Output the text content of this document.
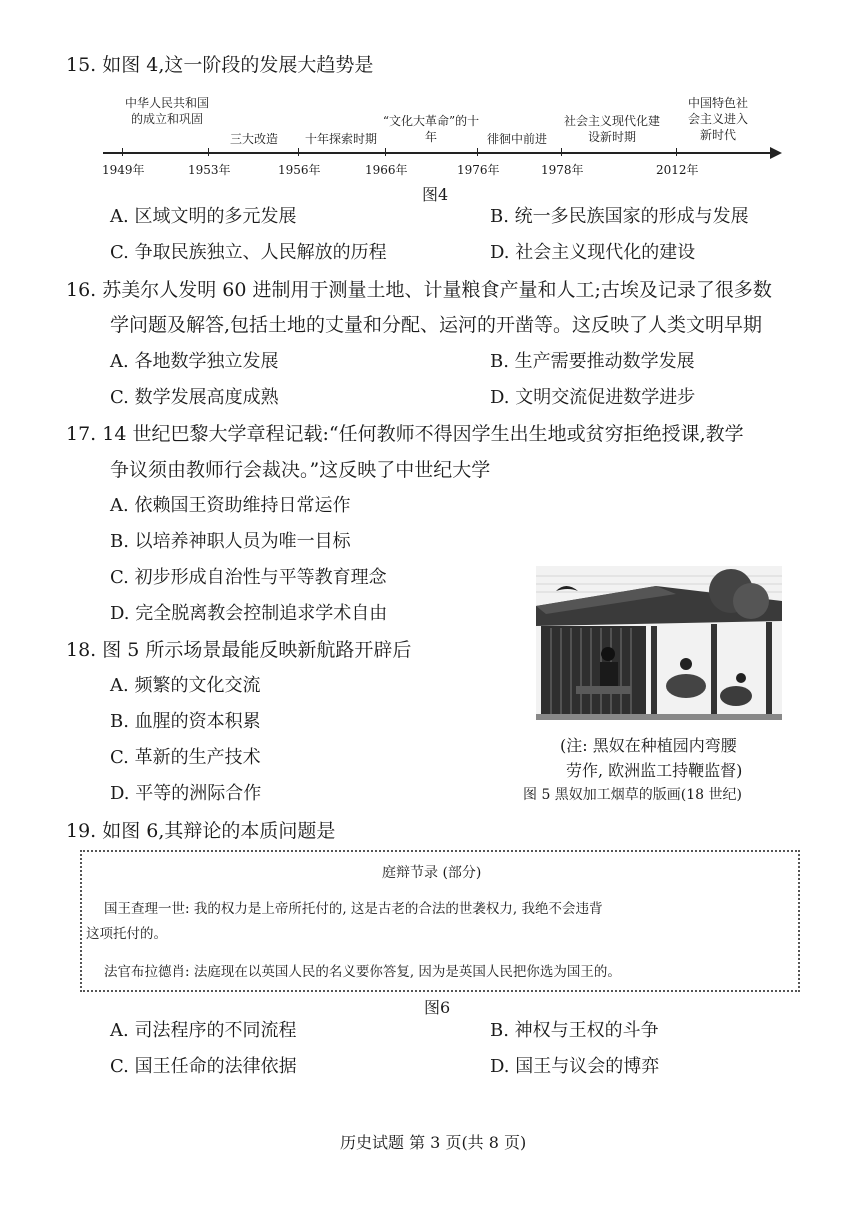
15. 如图 4,这一阶段的发展大趋势是
中华人民共和国的成立和巩固
三大改造	十年探索时期
“文化大革命”的十年	徘徊中前进
社会主义现代化建设新时期
中国特色社会主义进入新时代
1949年	1953年	1956年	1966年	1976年	1978年	2012年
图4
A. 区域文明的多元发展	B. 统一多民族国家的形成与发展
C. 争取民族独立、人民解放的历程	D. 社会主义现代化的建设
16. 苏美尔人发明 60 进制用于测量土地、计量粮食产量和人工;古埃及记录了很多数
学问题及解答,包括土地的丈量和分配、运河的开凿等。这反映了人类文明早期
A. 各地数学独立发展	B. 生产需要推动数学发展
C. 数学发展高度成熟	D. 文明交流促进数学进步
17. 14 世纪巴黎大学章程记载:“任何教师不得因学生出生地或贫穷拒绝授课,教学
争议须由教师行会裁决。”这反映了中世纪大学
A. 依赖国王资助维持日常运作
B. 以培养神职人员为唯一目标
C. 初步形成自治性与平等教育理念
D. 完全脱离教会控制追求学术自由
18. 图 5 所示场景最能反映新航路开辟后
A. 频繁的文化交流
B. 血腥的资本积累
C. 革新的生产技术
D. 平等的洲际合作
(注: 黑奴在种植园内弯腰
劳作, 欧洲监工持鞭监督)
图 5 黑奴加工烟草的版画(18 世纪)
19. 如图 6,其辩论的本质问题是
庭辩节录 (部分)
国王查理一世: 我的权力是上帝所托付的, 这是古老的合法的世袭权力, 我绝不会违背
这项托付的。
法官布拉德肖: 法庭现在以英国人民的名义要你答复, 因为是英国人民把你选为国王的。
图6
A. 司法程序的不同流程	B. 神权与王权的斗争
C. 国王任命的法律依据	D. 国王与议会的博弈
历史试题 第 3 页(共 8 页)
